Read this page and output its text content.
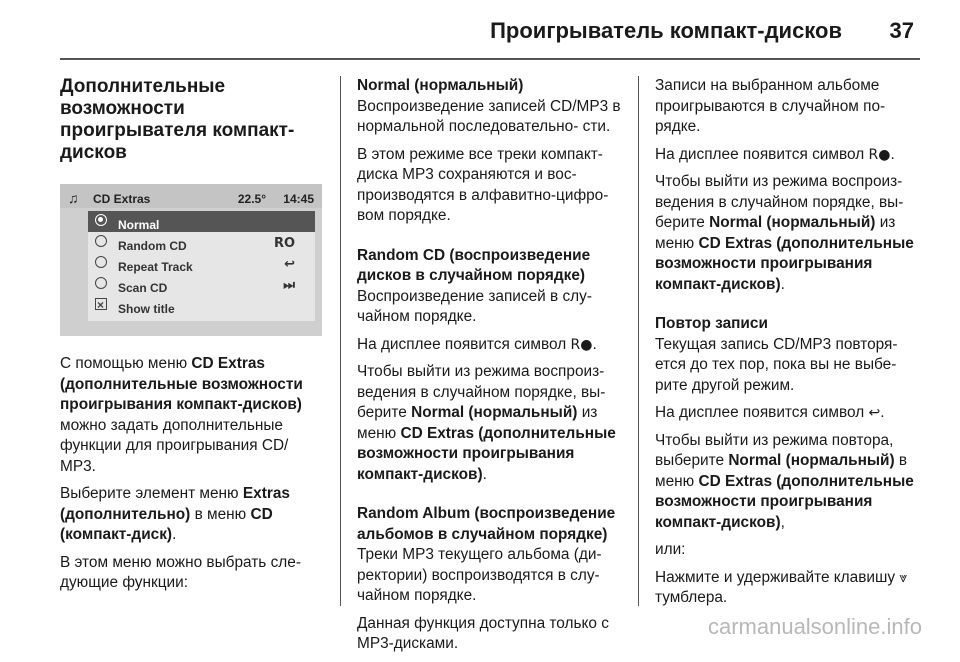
Проигрыватель компакт-дисков 37
Дополнительные возможности проигрывателя компакт-дисков
♫ CD Extras	22.5° 14:45
Normal
Random CD	RO
Repeat Track	↩
Scan CD	⏭
×
Show title

С помощью меню CD Extras (дополнительные возможности проигрывания компакт-дисков) можно задать дополнительные функции для проигрывания CD/ MP3.

Выберите элемент меню Extras (дополнительно) в меню CD (компакт-диск).

В этом меню можно выбрать сле- дующие функции:

Normal (нормальный)

Воспроизведение записей CD/MP3 в нормальной последовательно- сти.

В этом режиме все треки компакт- диска MP3 сохраняются и вос- производятся в алфавитно-цифро- вом порядке.

Random CD (воспроизведение дисков в случайном порядке)

Воспроизведение записей в слу- чайном порядке.

На дисплее появится символ R●.

Чтобы выйти из режима воспроиз- ведения в случайном порядке, вы- берите Normal (нормальный) из меню CD Extras (дополнительные возможности проигрывания компакт-дисков).

Random Album (воспроизведение альбомов в случайном порядке)

Треки MP3 текущего альбома (ди- ректории) воспроизводятся в слу- чайном порядке.

Данная функция доступна только с MP3-дисками.

Записи на выбранном альбоме проигрываются в случайном по- рядке.

На дисплее появится символ R●.

Чтобы выйти из режима воспроиз- ведения в случайном порядке, вы- берите Normal (нормальный) из меню CD Extras (дополнительные возможности проигрывания компакт-дисков).

Повтор записи

Текущая запись CD/MP3 повторя- ется до тех пор, пока вы не выбе- рите другой режим.

На дисплее появится символ ↩.

Чтобы выйти из режима повтора, выберите Normal (нормальный) в меню CD Extras (дополнительные возможности проигрывания компакт-дисков),

или:

Нажмите и удерживайте клавишу ⩔ тумблера.

carmanualsonline.info
